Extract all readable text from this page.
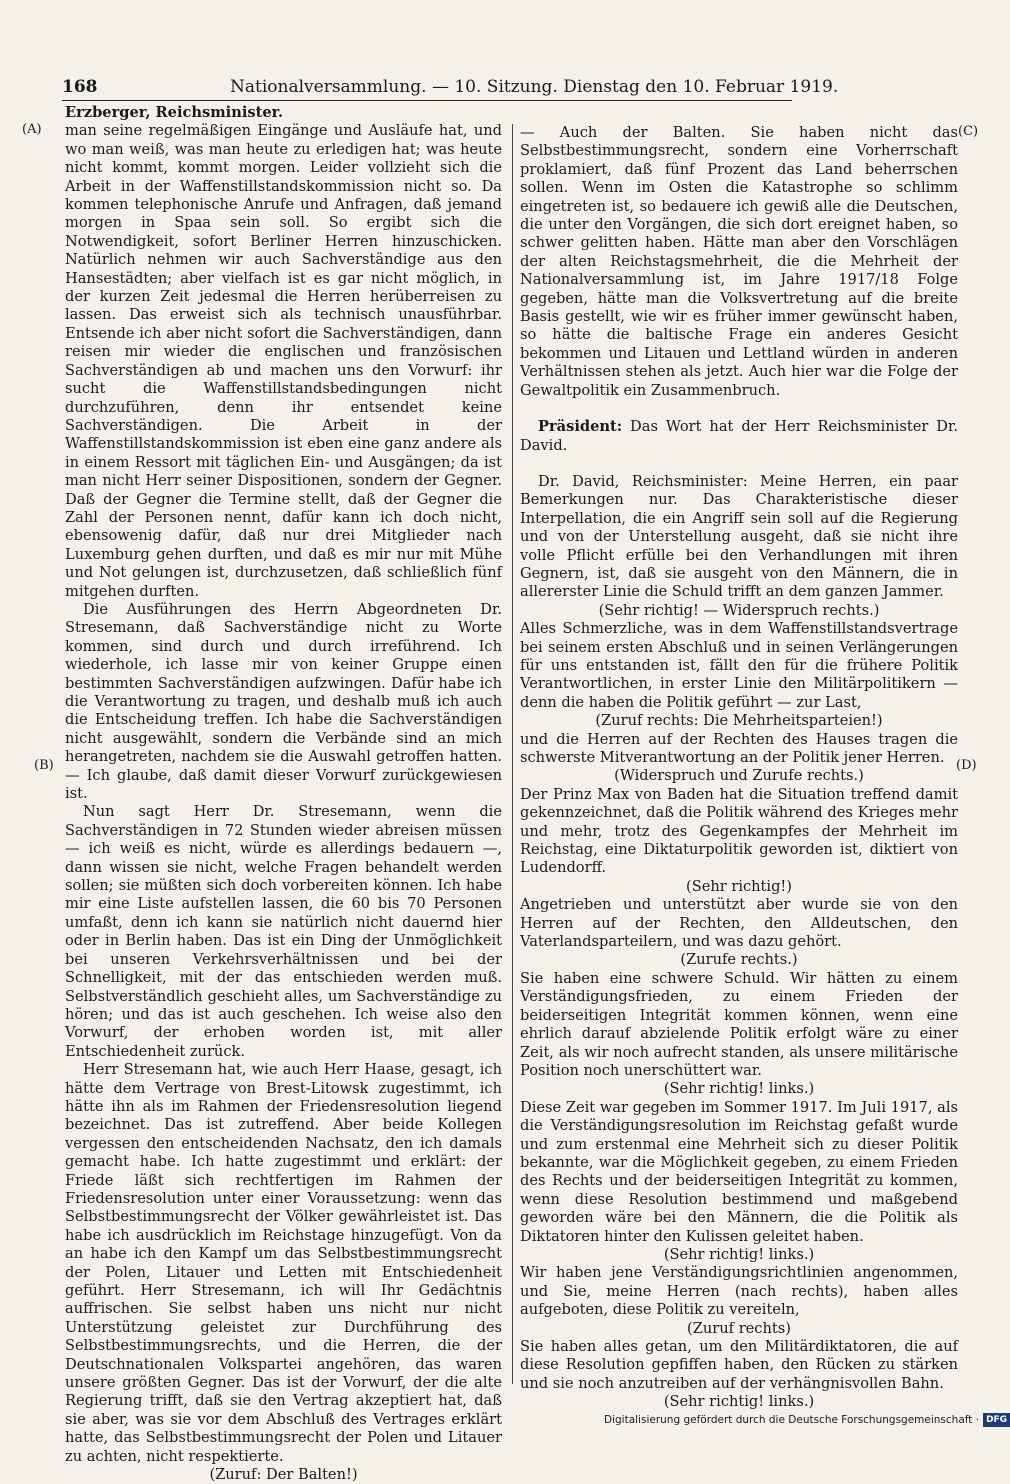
168	Nationalversammlung. — 10. Sitzung. Dienstag den 10. Februar 1919.
(A)
(B)
(C)
(D)

Erzberger, Reichsminister.

man seine regelmäßigen Eingänge und Ausläufe hat, und wo man weiß, was man heute zu erledigen hat; was heute nicht kommt, kommt morgen. Leider vollzieht sich die Arbeit in der Waffenstillstandskommission nicht so. Da kommen telephonische Anrufe und Anfragen, daß jemand morgen in Spaa sein soll. So ergibt sich die Notwendigkeit, sofort Berliner Herren hinzuschicken. Natürlich nehmen wir auch Sachverständige aus den Hansestädten; aber vielfach ist es gar nicht möglich, in der kurzen Zeit jedesmal die Herren herüberreisen zu lassen. Das erweist sich als technisch unausführbar. Entsende ich aber nicht sofort die Sachverständigen, dann reisen mir wieder die englischen und französischen Sachverständigen ab und machen uns den Vorwurf: ihr sucht die Waffenstillstandsbedingungen nicht durchzuführen, denn ihr entsendet keine Sachverständigen. Die Arbeit in der Waffenstillstandskommission ist eben eine ganz andere als in einem Ressort mit täglichen Ein- und Ausgängen; da ist man nicht Herr seiner Dispositionen, sondern der Gegner. Daß der Gegner die Termine stellt, daß der Gegner die Zahl der Personen nennt, dafür kann ich doch nicht, ebensowenig dafür, daß nur drei Mitglieder nach Luxemburg gehen durften, und daß es mir nur mit Mühe und Not gelungen ist, durchzusetzen, daß schließlich fünf mitgehen durften.

Die Ausführungen des Herrn Abgeordneten Dr. Stresemann, daß Sachverständige nicht zu Worte kommen, sind durch und durch irreführend. Ich wiederhole, ich lasse mir von keiner Gruppe einen bestimmten Sachverständigen aufzwingen. Dafür habe ich die Verantwortung zu tragen, und deshalb muß ich auch die Entscheidung treffen. Ich habe die Sachverständigen nicht ausgewählt, sondern die Verbände sind an mich herangetreten, nachdem sie die Auswahl getroffen hatten. — Ich glaube, daß damit dieser Vorwurf zurückgewiesen ist.

Nun sagt Herr Dr. Stresemann, wenn die Sachverständigen in 72 Stunden wieder abreisen müssen — ich weiß es nicht, würde es allerdings bedauern —, dann wissen sie nicht, welche Fragen behandelt werden sollen; sie müßten sich doch vorbereiten können. Ich habe mir eine Liste aufstellen lassen, die 60 bis 70 Personen umfaßt, denn ich kann sie natürlich nicht dauernd hier oder in Berlin haben. Das ist ein Ding der Unmöglichkeit bei unseren Verkehrsverhältnissen und bei der Schnelligkeit, mit der das entschieden werden muß. Selbstverständlich geschieht alles, um Sachverständige zu hören; und das ist auch geschehen. Ich weise also den Vorwurf, der erhoben worden ist, mit aller Entschiedenheit zurück.

Herr Stresemann hat, wie auch Herr Haase, gesagt, ich hätte dem Vertrage von Brest-Litowsk zugestimmt, ich hätte ihn als im Rahmen der Friedensresolution liegend bezeichnet. Das ist zutreffend. Aber beide Kollegen vergessen den entscheidenden Nachsatz, den ich damals gemacht habe. Ich hatte zugestimmt und erklärt: der Friede läßt sich rechtfertigen im Rahmen der Friedensresolution unter einer Voraussetzung: wenn das Selbstbestimmungsrecht der Völker gewährleistet ist. Das habe ich ausdrücklich im Reichstage hinzugefügt. Von da an habe ich den Kampf um das Selbstbestimmungsrecht der Polen, Litauer und Letten mit Entschiedenheit geführt. Herr Stresemann, ich will Ihr Gedächtnis auffrischen. Sie selbst haben uns nicht nur nicht Unterstützung geleistet zur Durchführung des Selbstbestimmungsrechts, und die Herren, die der Deutschnationalen Volkspartei angehören, das waren unsere größten Gegner. Das ist der Vorwurf, der die alte Regierung trifft, daß sie den Vertrag akzeptiert hat, daß sie aber, was sie vor dem Abschluß des Vertrages erklärt hatte, das Selbstbestimmungsrecht der Polen und Litauer zu achten, nicht respektierte.

(Zuruf: Der Balten!)

— Auch der Balten. Sie haben nicht das Selbstbestimmungsrecht, sondern eine Vorherrschaft proklamiert, daß fünf Prozent das Land beherrschen sollen. Wenn im Osten die Katastrophe so schlimm eingetreten ist, so bedauere ich gewiß alle die Deutschen, die unter den Vorgängen, die sich dort ereignet haben, so schwer gelitten haben. Hätte man aber den Vorschlägen der alten Reichstagsmehrheit, die die Mehrheit der Nationalversammlung ist, im Jahre 1917/18 Folge gegeben, hätte man die Volksvertretung auf die breite Basis gestellt, wie wir es früher immer gewünscht haben, so hätte die baltische Frage ein anderes Gesicht bekommen und Litauen und Lettland würden in anderen Verhältnissen stehen als jetzt. Auch hier war die Folge der Gewaltpolitik ein Zusammenbruch.

Präsident: Das Wort hat der Herr Reichsminister Dr. David.

Dr. David, Reichsminister: Meine Herren, ein paar Bemerkungen nur. Das Charakteristische dieser Interpellation, die ein Angriff sein soll auf die Regierung und von der Unterstellung ausgeht, daß sie nicht ihre volle Pflicht erfülle bei den Verhandlungen mit ihren Gegnern, ist, daß sie ausgeht von den Männern, die in allererster Linie die Schuld trifft an dem ganzen Jammer.

(Sehr richtig! — Widerspruch rechts.)

Alles Schmerzliche, was in dem Waffenstillstandsvertrage bei seinem ersten Abschluß und in seinen Verlängerungen für uns entstanden ist, fällt den für die frühere Politik Verantwortlichen, in erster Linie den Militärpolitikern — denn die haben die Politik geführt — zur Last,

(Zuruf rechts: Die Mehrheitsparteien!)

und die Herren auf der Rechten des Hauses tragen die schwerste Mitverantwortung an der Politik jener Herren.

(Widerspruch und Zurufe rechts.)

Der Prinz Max von Baden hat die Situation treffend damit gekennzeichnet, daß die Politik während des Krieges mehr und mehr, trotz des Gegenkampfes der Mehrheit im Reichstag, eine Diktaturpolitik geworden ist, diktiert von Ludendorff.

(Sehr richtig!)

Angetrieben und unterstützt aber wurde sie von den Herren auf der Rechten, den Alldeutschen, den Vaterlandsparteilern, und was dazu gehört.

(Zurufe rechts.)

Sie haben eine schwere Schuld. Wir hätten zu einem Verständigungsfrieden, zu einem Frieden der beiderseitigen Integrität kommen können, wenn eine ehrlich darauf abzielende Politik erfolgt wäre zu einer Zeit, als wir noch aufrecht standen, als unsere militärische Position noch unerschüttert war.

(Sehr richtig! links.)

Diese Zeit war gegeben im Sommer 1917. Im Juli 1917, als die Verständigungsresolution im Reichstag gefaßt wurde und zum erstenmal eine Mehrheit sich zu dieser Politik bekannte, war die Möglichkeit gegeben, zu einem Frieden des Rechts und der beiderseitigen Integrität zu kommen, wenn diese Resolution bestimmend und maßgebend geworden wäre bei den Männern, die die Politik als Diktatoren hinter den Kulissen geleitet haben.

(Sehr richtig! links.)

Wir haben jene Verständigungsrichtlinien angenommen, und Sie, meine Herren (nach rechts), haben alles aufgeboten, diese Politik zu vereiteln,

(Zuruf rechts)

Sie haben alles getan, um den Militärdiktatoren, die auf diese Resolution gepfiffen haben, den Rücken zu stärken und sie noch anzutreiben auf der verhängnisvollen Bahn.

(Sehr richtig! links.)

Digitalisierung gefördert durch die Deutsche Forschungsgemeinschaft · DFG
